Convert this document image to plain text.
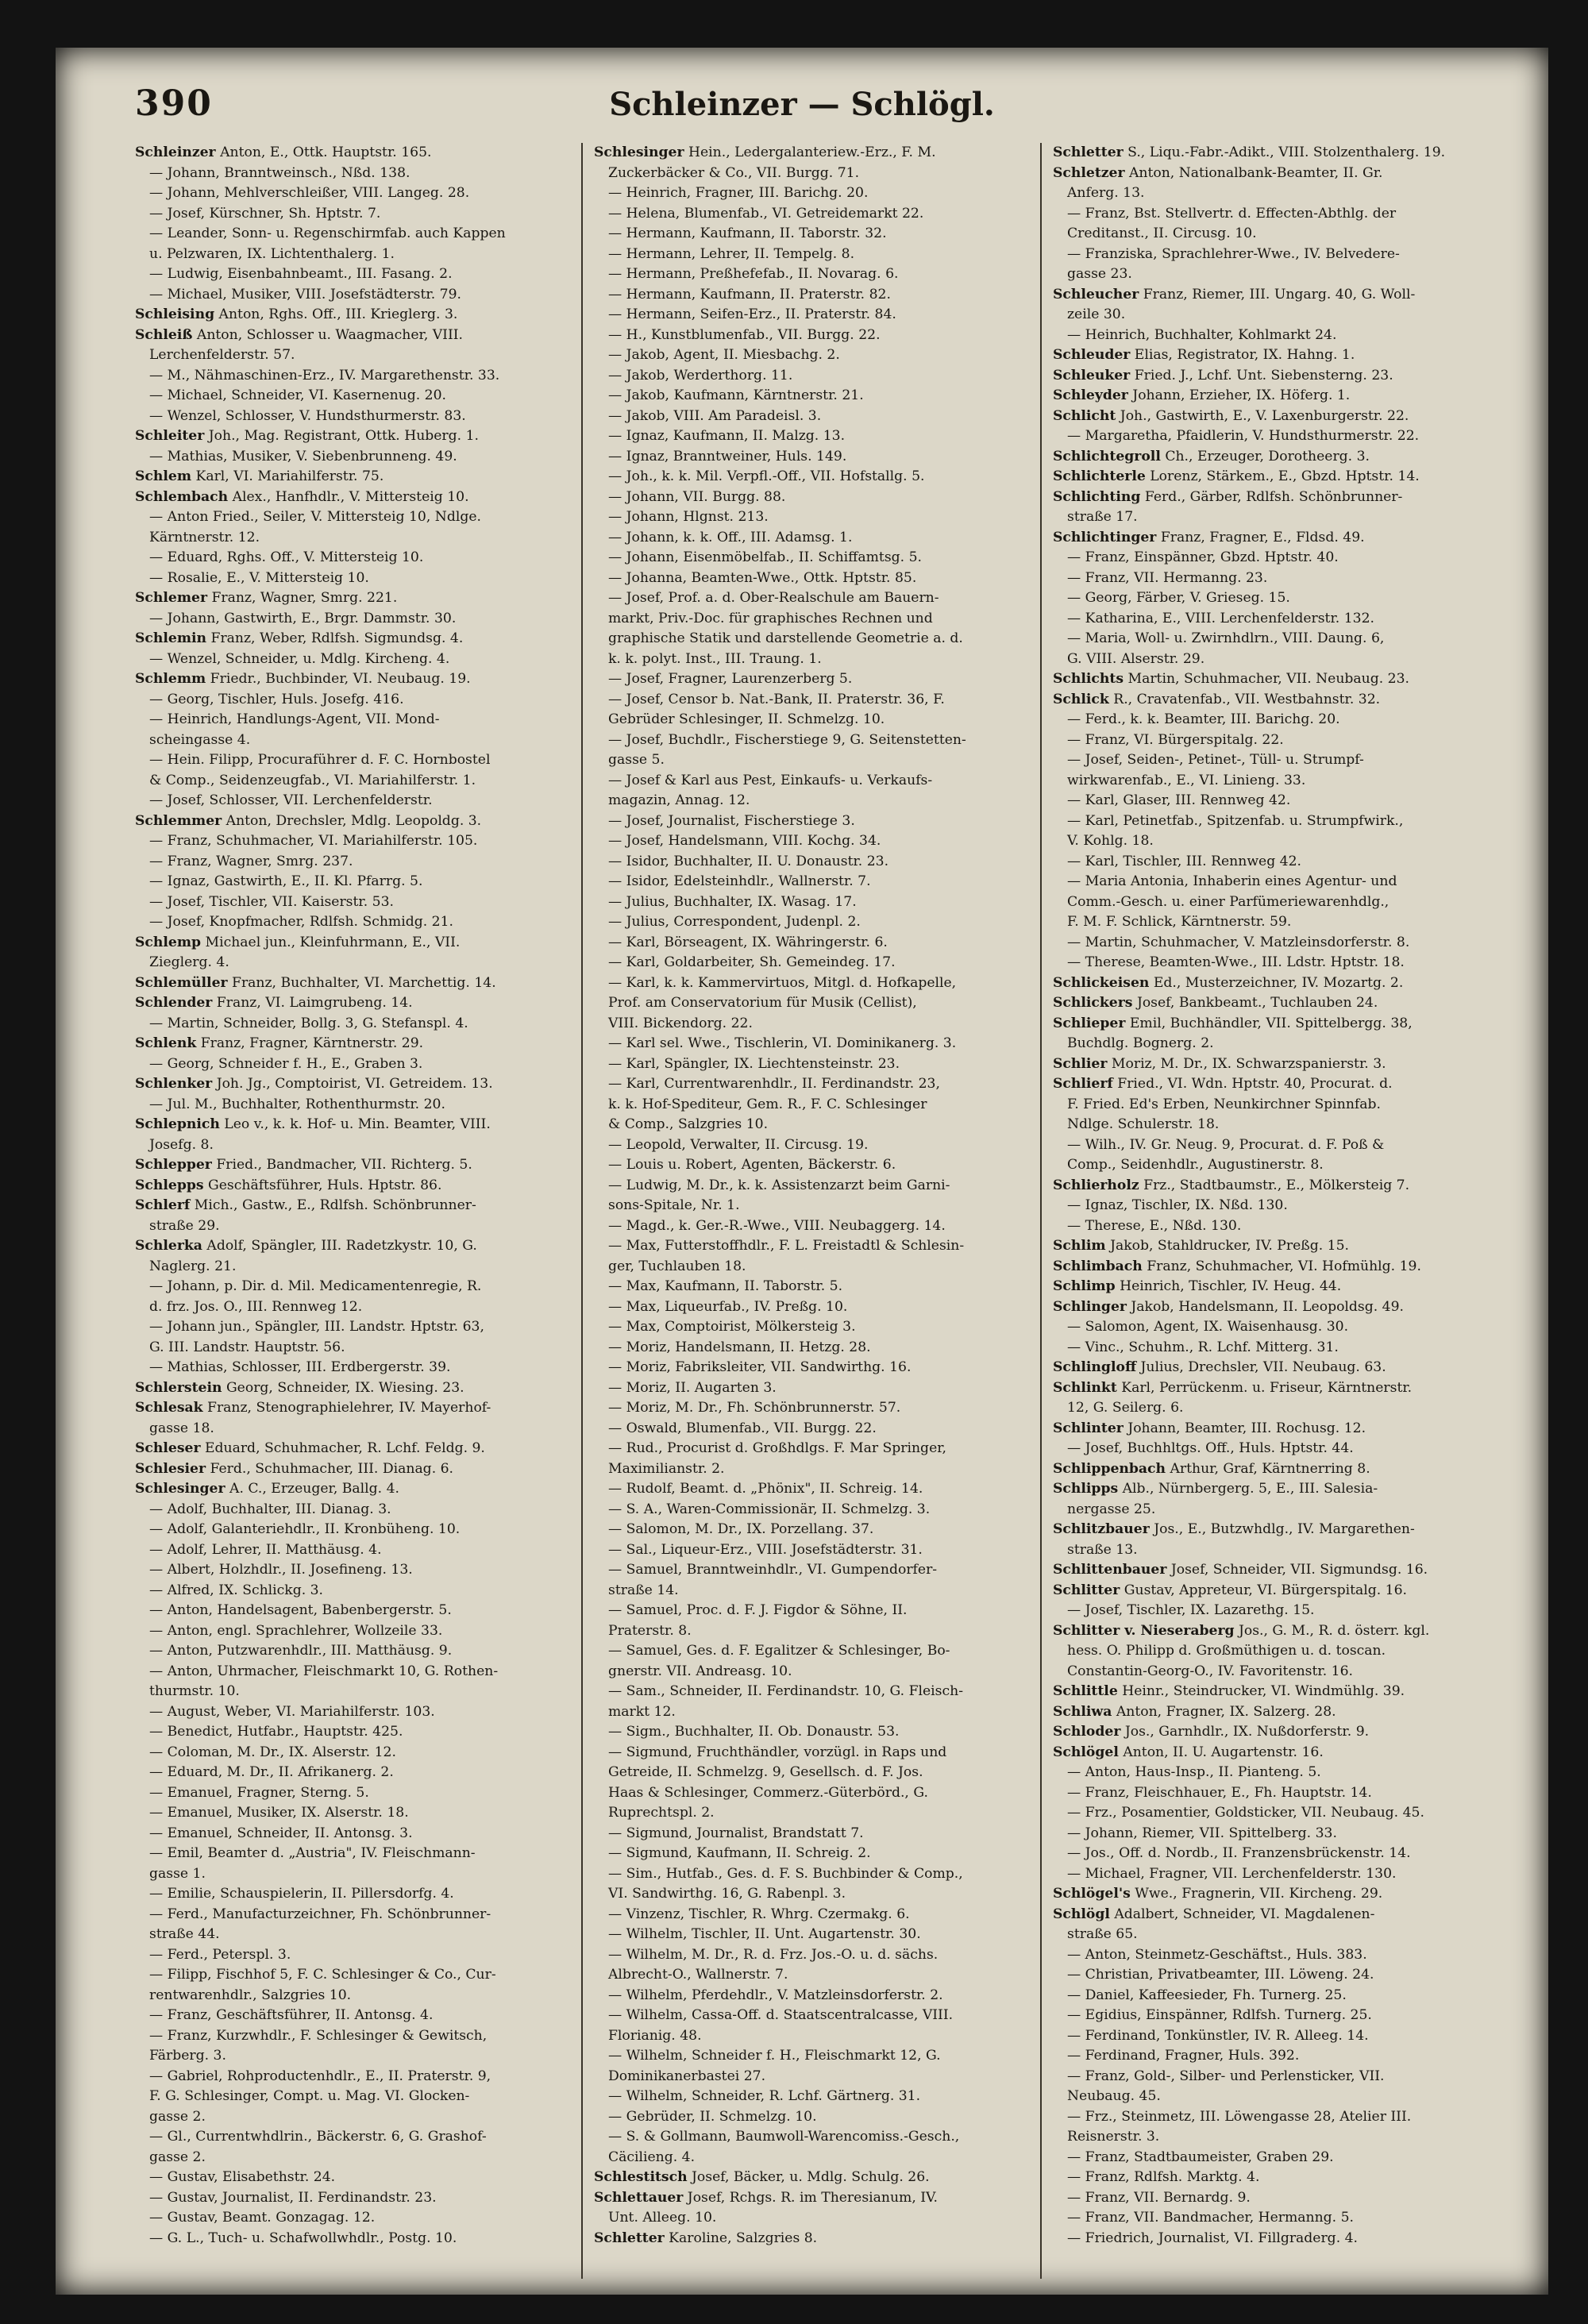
390	Schleinzer — Schlögl.
Schleinzer Anton, E., Ottk. Hauptstr. 165.
— Johann, Branntweinsch., Nßd. 138.
— Johann, Mehlverschleißer, VIII. Langeg. 28.
— Josef, Kürschner, Sh. Hptstr. 7.
— Leander, Sonn- u. Regenschirmfab. auch Kappen
u. Pelzwaren, IX. Lichtenthalerg. 1.
— Ludwig, Eisenbahnbeamt., III. Fasang. 2.
— Michael, Musiker, VIII. Josefstädterstr. 79.
Schleising Anton, Rghs. Off., III. Krieglerg. 3.
Schleiß Anton, Schlosser u. Waagmacher, VIII.
Lerchenfelderstr. 57.
— M., Nähmaschinen-Erz., IV. Margarethenstr. 33.
— Michael, Schneider, VI. Kasernenug. 20.
— Wenzel, Schlosser, V. Hundsthurmerstr. 83.
Schleiter Joh., Mag. Registrant, Ottk. Huberg. 1.
— Mathias, Musiker, V. Siebenbrunneng. 49.
Schlem Karl, VI. Mariahilferstr. 75.
Schlembach Alex., Hanfhdlr., V. Mittersteig 10.
— Anton Fried., Seiler, V. Mittersteig 10, Ndlge.
Kärntnerstr. 12.
— Eduard, Rghs. Off., V. Mittersteig 10.
— Rosalie, E., V. Mittersteig 10.
Schlemer Franz, Wagner, Smrg. 221.
— Johann, Gastwirth, E., Brgr. Dammstr. 30.
Schlemin Franz, Weber, Rdlfsh. Sigmundsg. 4.
— Wenzel, Schneider, u. Mdlg. Kircheng. 4.
Schlemm Friedr., Buchbinder, VI. Neubaug. 19.
— Georg, Tischler, Huls. Josefg. 416.
— Heinrich, Handlungs-Agent, VII. Mond-
scheingasse 4.
— Hein. Filipp, Procuraführer d. F. C. Hornbostel
& Comp., Seidenzeugfab., VI. Mariahilferstr. 1.
— Josef, Schlosser, VII. Lerchenfelderstr.
Schlemmer Anton, Drechsler, Mdlg. Leopoldg. 3.
— Franz, Schuhmacher, VI. Mariahilferstr. 105.
— Franz, Wagner, Smrg. 237.
— Ignaz, Gastwirth, E., II. Kl. Pfarrg. 5.
— Josef, Tischler, VII. Kaiserstr. 53.
— Josef, Knopfmacher, Rdlfsh. Schmidg. 21.
Schlemp Michael jun., Kleinfuhrmann, E., VII.
Zieglerg. 4.
Schlemüller Franz, Buchhalter, VI. Marchettig. 14.
Schlender Franz, VI. Laimgrubeng. 14.
— Martin, Schneider, Bollg. 3, G. Stefanspl. 4.
Schlenk Franz, Fragner, Kärntnerstr. 29.
— Georg, Schneider f. H., E., Graben 3.
Schlenker Joh. Jg., Comptoirist, VI. Getreidem. 13.
— Jul. M., Buchhalter, Rothenthurmstr. 20.
Schlepnich Leo v., k. k. Hof- u. Min. Beamter, VIII.
Josefg. 8.
Schlepper Fried., Bandmacher, VII. Richterg. 5.
Schlepps Geschäftsführer, Huls. Hptstr. 86.
Schlerf Mich., Gastw., E., Rdlfsh. Schönbrunner-
straße 29.
Schlerka Adolf, Spängler, III. Radetzkystr. 10, G.
Naglerg. 21.
— Johann, p. Dir. d. Mil. Medicamentenregie, R.
d. frz. Jos. O., III. Rennweg 12.
— Johann jun., Spängler, III. Landstr. Hptstr. 63,
G. III. Landstr. Hauptstr. 56.
— Mathias, Schlosser, III. Erdbergerstr. 39.
Schlerstein Georg, Schneider, IX. Wiesing. 23.
Schlesak Franz, Stenographielehrer, IV. Mayerhof-
gasse 18.
Schleser Eduard, Schuhmacher, R. Lchf. Feldg. 9.
Schlesier Ferd., Schuhmacher, III. Dianag. 6.
Schlesinger A. C., Erzeuger, Ballg. 4.
— Adolf, Buchhalter, III. Dianag. 3.
— Adolf, Galanteriehdlr., II. Kronbüheng. 10.
— Adolf, Lehrer, II. Matthäusg. 4.
— Albert, Holzhdlr., II. Josefineng. 13.
— Alfred, IX. Schlickg. 3.
— Anton, Handelsagent, Babenbergerstr. 5.
— Anton, engl. Sprachlehrer, Wollzeile 33.
— Anton, Putzwarenhdlr., III. Matthäusg. 9.
— Anton, Uhrmacher, Fleischmarkt 10, G. Rothen-
thurmstr. 10.
— August, Weber, VI. Mariahilferstr. 103.
— Benedict, Hutfabr., Hauptstr. 425.
— Coloman, M. Dr., IX. Alserstr. 12.
— Eduard, M. Dr., II. Afrikanerg. 2.
— Emanuel, Fragner, Sterng. 5.
— Emanuel, Musiker, IX. Alserstr. 18.
— Emanuel, Schneider, II. Antonsg. 3.
— Emil, Beamter d. „Austria", IV. Fleischmann-
gasse 1.
— Emilie, Schauspielerin, II. Pillersdorfg. 4.
— Ferd., Manufacturzeichner, Fh. Schönbrunner-
straße 44.
— Ferd., Peterspl. 3.
— Filipp, Fischhof 5, F. C. Schlesinger & Co., Cur-
rentwarenhdlr., Salzgries 10.
— Franz, Geschäftsführer, II. Antonsg. 4.
— Franz, Kurzwhdlr., F. Schlesinger & Gewitsch,
Färberg. 3.
— Gabriel, Rohproductenhdlr., E., II. Praterstr. 9,
F. G. Schlesinger, Compt. u. Mag. VI. Glocken-
gasse 2.
— Gl., Currentwhdlrin., Bäckerstr. 6, G. Grashof-
gasse 2.
— Gustav, Elisabethstr. 24.
— Gustav, Journalist, II. Ferdinandstr. 23.
— Gustav, Beamt. Gonzagag. 12.
— G. L., Tuch- u. Schafwollwhdlr., Postg. 10.
Schlesinger Hein., Ledergalanteriew.-Erz., F. M.
Zuckerbäcker & Co., VII. Burgg. 71.
— Heinrich, Fragner, III. Barichg. 20.
— Helena, Blumenfab., VI. Getreidemarkt 22.
— Hermann, Kaufmann, II. Taborstr. 32.
— Hermann, Lehrer, II. Tempelg. 8.
— Hermann, Preßhefefab., II. Novarag. 6.
— Hermann, Kaufmann, II. Praterstr. 82.
— Hermann, Seifen-Erz., II. Praterstr. 84.
— H., Kunstblumenfab., VII. Burgg. 22.
— Jakob, Agent, II. Miesbachg. 2.
— Jakob, Werderthorg. 11.
— Jakob, Kaufmann, Kärntnerstr. 21.
— Jakob, VIII. Am Paradeisl. 3.
— Ignaz, Kaufmann, II. Malzg. 13.
— Ignaz, Branntweiner, Huls. 149.
— Joh., k. k. Mil. Verpfl.-Off., VII. Hofstallg. 5.
— Johann, VII. Burgg. 88.
— Johann, Hlgnst. 213.
— Johann, k. k. Off., III. Adamsg. 1.
— Johann, Eisenmöbelfab., II. Schiffamtsg. 5.
— Johanna, Beamten-Wwe., Ottk. Hptstr. 85.
— Josef, Prof. a. d. Ober-Realschule am Bauern-
markt, Priv.-Doc. für graphisches Rechnen und
graphische Statik und darstellende Geometrie a. d.
k. k. polyt. Inst., III. Traung. 1.
— Josef, Fragner, Laurenzerberg 5.
— Josef, Censor b. Nat.-Bank, II. Praterstr. 36, F.
Gebrüder Schlesinger, II. Schmelzg. 10.
— Josef, Buchdlr., Fischerstiege 9, G. Seitenstetten-
gasse 5.
— Josef & Karl aus Pest, Einkaufs- u. Verkaufs-
magazin, Annag. 12.
— Josef, Journalist, Fischerstiege 3.
— Josef, Handelsmann, VIII. Kochg. 34.
— Isidor, Buchhalter, II. U. Donaustr. 23.
— Isidor, Edelsteinhdlr., Wallnerstr. 7.
— Julius, Buchhalter, IX. Wasag. 17.
— Julius, Correspondent, Judenpl. 2.
— Karl, Börseagent, IX. Währingerstr. 6.
— Karl, Goldarbeiter, Sh. Gemeindeg. 17.
— Karl, k. k. Kammervirtuos, Mitgl. d. Hofkapelle,
Prof. am Conservatorium für Musik (Cellist),
VIII. Bickendorg. 22.
— Karl sel. Wwe., Tischlerin, VI. Dominikanerg. 3.
— Karl, Spängler, IX. Liechtensteinstr. 23.
— Karl, Currentwarenhdlr., II. Ferdinandstr. 23,
k. k. Hof-Spediteur, Gem. R., F. C. Schlesinger
& Comp., Salzgries 10.
— Leopold, Verwalter, II. Circusg. 19.
— Louis u. Robert, Agenten, Bäckerstr. 6.
— Ludwig, M. Dr., k. k. Assistenzarzt beim Garni-
sons-Spitale, Nr. 1.
— Magd., k. Ger.-R.-Wwe., VIII. Neubaggerg. 14.
— Max, Futterstoffhdlr., F. L. Freistadtl & Schlesin-
ger, Tuchlauben 18.
— Max, Kaufmann, II. Taborstr. 5.
— Max, Liqueurfab., IV. Preßg. 10.
— Max, Comptoirist, Mölkersteig 3.
— Moriz, Handelsmann, II. Hetzg. 28.
— Moriz, Fabriksleiter, VII. Sandwirthg. 16.
— Moriz, II. Augarten 3.
— Moriz, M. Dr., Fh. Schönbrunnerstr. 57.
— Oswald, Blumenfab., VII. Burgg. 22.
— Rud., Procurist d. Großhdlgs. F. Mar Springer,
Maximilianstr. 2.
— Rudolf, Beamt. d. „Phönix", II. Schreig. 14.
— S. A., Waren-Commissionär, II. Schmelzg. 3.
— Salomon, M. Dr., IX. Porzellang. 37.
— Sal., Liqueur-Erz., VIII. Josefstädterstr. 31.
— Samuel, Branntweinhdlr., VI. Gumpendorfer-
straße 14.
— Samuel, Proc. d. F. J. Figdor & Söhne, II.
Praterstr. 8.
— Samuel, Ges. d. F. Egalitzer & Schlesinger, Bo-
gnerstr. VII. Andreasg. 10.
— Sam., Schneider, II. Ferdinandstr. 10, G. Fleisch-
markt 12.
— Sigm., Buchhalter, II. Ob. Donaustr. 53.
— Sigmund, Fruchthändler, vorzügl. in Raps und
Getreide, II. Schmelzg. 9, Gesellsch. d. F. Jos.
Haas & Schlesinger, Commerz.-Güterbörd., G.
Ruprechtspl. 2.
— Sigmund, Journalist, Brandstatt 7.
— Sigmund, Kaufmann, II. Schreig. 2.
— Sim., Hutfab., Ges. d. F. S. Buchbinder & Comp.,
VI. Sandwirthg. 16, G. Rabenpl. 3.
— Vinzenz, Tischler, R. Whrg. Czermakg. 6.
— Wilhelm, Tischler, II. Unt. Augartenstr. 30.
— Wilhelm, M. Dr., R. d. Frz. Jos.-O. u. d. sächs.
Albrecht-O., Wallnerstr. 7.
— Wilhelm, Pferdehdlr., V. Matzleinsdorferstr. 2.
— Wilhelm, Cassa-Off. d. Staatscentralcasse, VIII.
Florianig. 48.
— Wilhelm, Schneider f. H., Fleischmarkt 12, G.
Dominikanerbastei 27.
— Wilhelm, Schneider, R. Lchf. Gärtnerg. 31.
— Gebrüder, II. Schmelzg. 10.
— S. & Gollmann, Baumwoll-Warencomiss.-Gesch.,
Cäcilieng. 4.
Schlestitsch Josef, Bäcker, u. Mdlg. Schulg. 26.
Schlettauer Josef, Rchgs. R. im Theresianum, IV.
Unt. Alleeg. 10.
Schletter Karoline, Salzgries 8.
Schletter S., Liqu.-Fabr.-Adikt., VIII. Stolzenthalerg. 19.
Schletzer Anton, Nationalbank-Beamter, II. Gr.
Anferg. 13.
— Franz, Bst. Stellvertr. d. Effecten-Abthlg. der
Creditanst., II. Circusg. 10.
— Franziska, Sprachlehrer-Wwe., IV. Belvedere-
gasse 23.
Schleucher Franz, Riemer, III. Ungarg. 40, G. Woll-
zeile 30.
— Heinrich, Buchhalter, Kohlmarkt 24.
Schleuder Elias, Registrator, IX. Hahng. 1.
Schleuker Fried. J., Lchf. Unt. Siebensterng. 23.
Schleyder Johann, Erzieher, IX. Höferg. 1.
Schlicht Joh., Gastwirth, E., V. Laxenburgerstr. 22.
— Margaretha, Pfaidlerin, V. Hundsthurmerstr. 22.
Schlichtegroll Ch., Erzeuger, Dorotheerg. 3.
Schlichterle Lorenz, Stärkem., E., Gbzd. Hptstr. 14.
Schlichting Ferd., Gärber, Rdlfsh. Schönbrunner-
straße 17.
Schlichtinger Franz, Fragner, E., Fldsd. 49.
— Franz, Einspänner, Gbzd. Hptstr. 40.
— Franz, VII. Hermanng. 23.
— Georg, Färber, V. Grieseg. 15.
— Katharina, E., VIII. Lerchenfelderstr. 132.
— Maria, Woll- u. Zwirnhdlrn., VIII. Daung. 6,
G. VIII. Alserstr. 29.
Schlichts Martin, Schuhmacher, VII. Neubaug. 23.
Schlick R., Cravatenfab., VII. Westbahnstr. 32.
— Ferd., k. k. Beamter, III. Barichg. 20.
— Franz, VI. Bürgerspitalg. 22.
— Josef, Seiden-, Petinet-, Tüll- u. Strumpf-
wirkwarenfab., E., VI. Linieng. 33.
— Karl, Glaser, III. Rennweg 42.
— Karl, Petinetfab., Spitzenfab. u. Strumpfwirk.,
V. Kohlg. 18.
— Karl, Tischler, III. Rennweg 42.
— Maria Antonia, Inhaberin eines Agentur- und
Comm.-Gesch. u. einer Parfümeriewarenhdlg.,
F. M. F. Schlick, Kärntnerstr. 59.
— Martin, Schuhmacher, V. Matzleinsdorferstr. 8.
— Therese, Beamten-Wwe., III. Ldstr. Hptstr. 18.
Schlickeisen Ed., Musterzeichner, IV. Mozartg. 2.
Schlickers Josef, Bankbeamt., Tuchlauben 24.
Schlieper Emil, Buchhändler, VII. Spittelbergg. 38,
Buchdlg. Bognerg. 2.
Schlier Moriz, M. Dr., IX. Schwarzspanierstr. 3.
Schlierf Fried., VI. Wdn. Hptstr. 40, Procurat. d.
F. Fried. Ed's Erben, Neunkirchner Spinnfab.
Ndlge. Schulerstr. 18.
— Wilh., IV. Gr. Neug. 9, Procurat. d. F. Poß &
Comp., Seidenhdlr., Augustinerstr. 8.
Schlierholz Frz., Stadtbaumstr., E., Mölkersteig 7.
— Ignaz, Tischler, IX. Nßd. 130.
— Therese, E., Nßd. 130.
Schlim Jakob, Stahldrucker, IV. Preßg. 15.
Schlimbach Franz, Schuhmacher, VI. Hofmühlg. 19.
Schlimp Heinrich, Tischler, IV. Heug. 44.
Schlinger Jakob, Handelsmann, II. Leopoldsg. 49.
— Salomon, Agent, IX. Waisenhausg. 30.
— Vinc., Schuhm., R. Lchf. Mitterg. 31.
Schlingloff Julius, Drechsler, VII. Neubaug. 63.
Schlinkt Karl, Perrückenm. u. Friseur, Kärntnerstr.
12, G. Seilerg. 6.
Schlinter Johann, Beamter, III. Rochusg. 12.
— Josef, Buchhltgs. Off., Huls. Hptstr. 44.
Schlippenbach Arthur, Graf, Kärntnerring 8.
Schlipps Alb., Nürnbergerg. 5, E., III. Salesia-
nergasse 25.
Schlitzbauer Jos., E., Butzwhdlg., IV. Margarethen-
straße 13.
Schlittenbauer Josef, Schneider, VII. Sigmundsg. 16.
Schlitter Gustav, Appreteur, VI. Bürgerspitalg. 16.
— Josef, Tischler, IX. Lazarethg. 15.
Schlitter v. Nieseraberg Jos., G. M., R. d. österr. kgl.
hess. O. Philipp d. Großmüthigen u. d. toscan.
Constantin-Georg-O., IV. Favoritenstr. 16.
Schlittle Heinr., Steindrucker, VI. Windmühlg. 39.
Schliwa Anton, Fragner, IX. Salzerg. 28.
Schloder Jos., Garnhdlr., IX. Nußdorferstr. 9.
Schlögel Anton, II. U. Augartenstr. 16.
— Anton, Haus-Insp., II. Pianteng. 5.
— Franz, Fleischhauer, E., Fh. Hauptstr. 14.
— Frz., Posamentier, Goldsticker, VII. Neubaug. 45.
— Johann, Riemer, VII. Spittelberg. 33.
— Jos., Off. d. Nordb., II. Franzensbrückenstr. 14.
— Michael, Fragner, VII. Lerchenfelderstr. 130.
Schlögel's Wwe., Fragnerin, VII. Kircheng. 29.
Schlögl Adalbert, Schneider, VI. Magdalenen-
straße 65.
— Anton, Steinmetz-Geschäftst., Huls. 383.
— Christian, Privatbeamter, III. Löweng. 24.
— Daniel, Kaffeesieder, Fh. Turnerg. 25.
— Egidius, Einspänner, Rdlfsh. Turnerg. 25.
— Ferdinand, Tonkünstler, IV. R. Alleeg. 14.
— Ferdinand, Fragner, Huls. 392.
— Franz, Gold-, Silber- und Perlensticker, VII.
Neubaug. 45.
— Frz., Steinmetz, III. Löwengasse 28, Atelier III.
Reisnerstr. 3.
— Franz, Stadtbaumeister, Graben 29.
— Franz, Rdlfsh. Marktg. 4.
— Franz, VII. Bernardg. 9.
— Franz, VII. Bandmacher, Hermanng. 5.
— Friedrich, Journalist, VI. Fillgraderg. 4.
